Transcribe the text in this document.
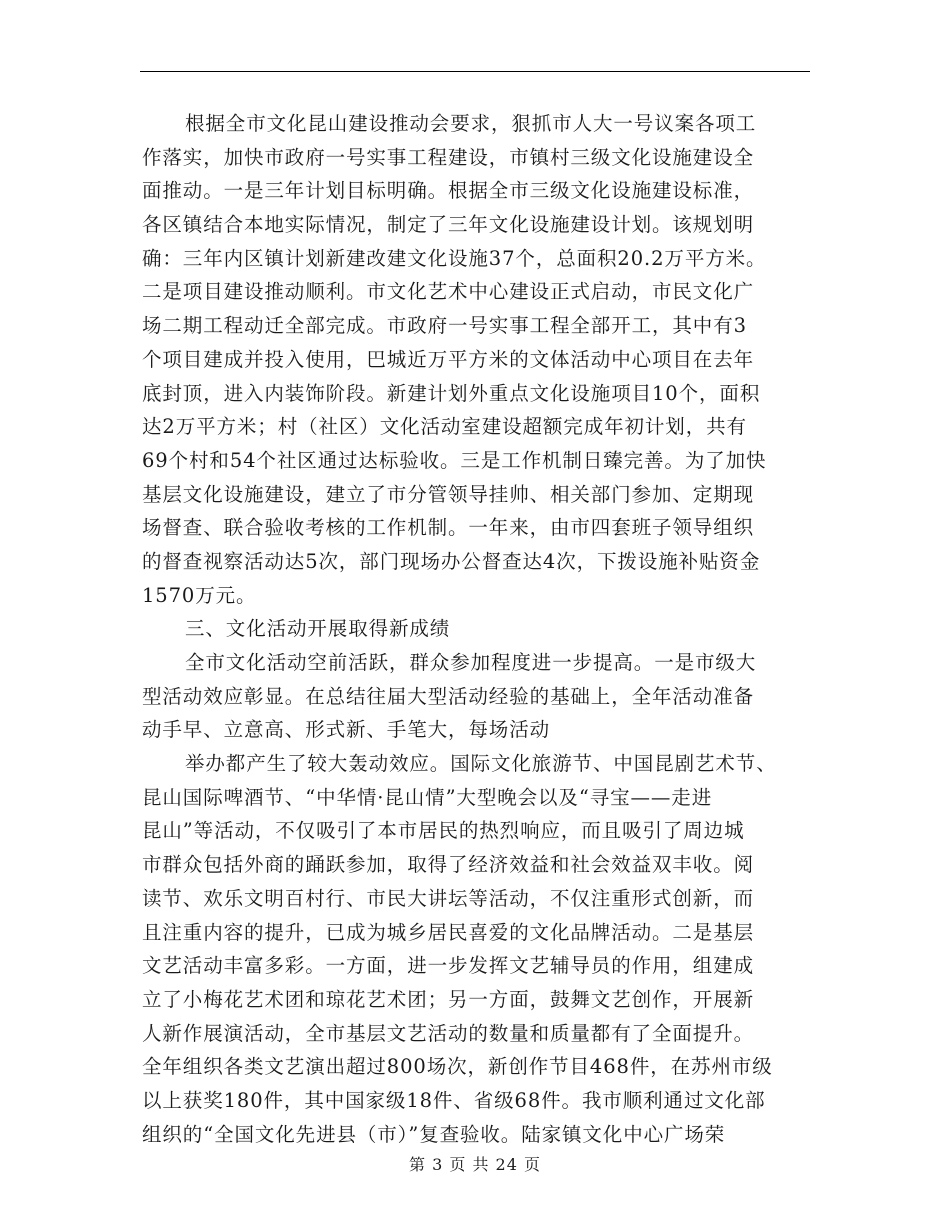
根据全市文化昆山建设推动会要求，狠抓市人大一号议案各项工
作落实，加快市政府一号实事工程建设，市镇村三级文化设施建设全
面推动。一是三年计划目标明确。根据全市三级文化设施建设标准，
各区镇结合本地实际情况，制定了三年文化设施建设计划。该规划明
确：三年内区镇计划新建改建文化设施37个，总面积20.2万平方米。
二是项目建设推动顺利。市文化艺术中心建设正式启动，市民文化广
场二期工程动迁全部完成。市政府一号实事工程全部开工，其中有3
个项目建成并投入使用，巴城近万平方米的文体活动中心项目在去年
底封顶，进入内装饰阶段。新建计划外重点文化设施项目10个，面积
达2万平方米；村（社区）文化活动室建设超额完成年初计划，共有
69个村和54个社区通过达标验收。三是工作机制日臻完善。为了加快
基层文化设施建设，建立了市分管领导挂帅、相关部门参加、定期现
场督查、联合验收考核的工作机制。一年来，由市四套班子领导组织
的督查视察活动达5次，部门现场办公督查达4次，下拨设施补贴资金
1570万元。
三、文化活动开展取得新成绩
全市文化活动空前活跃，群众参加程度进一步提高。一是市级大
型活动效应彰显。在总结往届大型活动经验的基础上，全年活动准备
动手早、立意高、形式新、手笔大，每场活动
举办都产生了较大轰动效应。国际文化旅游节、中国昆剧艺术节、
昆山国际啤酒节、“中华情·昆山情”大型晚会以及“寻宝——走进
昆山”等活动，不仅吸引了本市居民的热烈响应，而且吸引了周边城
市群众包括外商的踊跃参加，取得了经济效益和社会效益双丰收。阅
读节、欢乐文明百村行、市民大讲坛等活动，不仅注重形式创新，而
且注重内容的提升，已成为城乡居民喜爱的文化品牌活动。二是基层
文艺活动丰富多彩。一方面，进一步发挥文艺辅导员的作用，组建成
立了小梅花艺术团和琼花艺术团；另一方面，鼓舞文艺创作，开展新
人新作展演活动，全市基层文艺活动的数量和质量都有了全面提升。
全年组织各类文艺演出超过800场次，新创作节目468件，在苏州市级
以上获奖180件，其中国家级18件、省级68件。我市顺利通过文化部
组织的“全国文化先进县（市）”复查验收。陆家镇文化中心广场荣
第 3 页 共 24 页
